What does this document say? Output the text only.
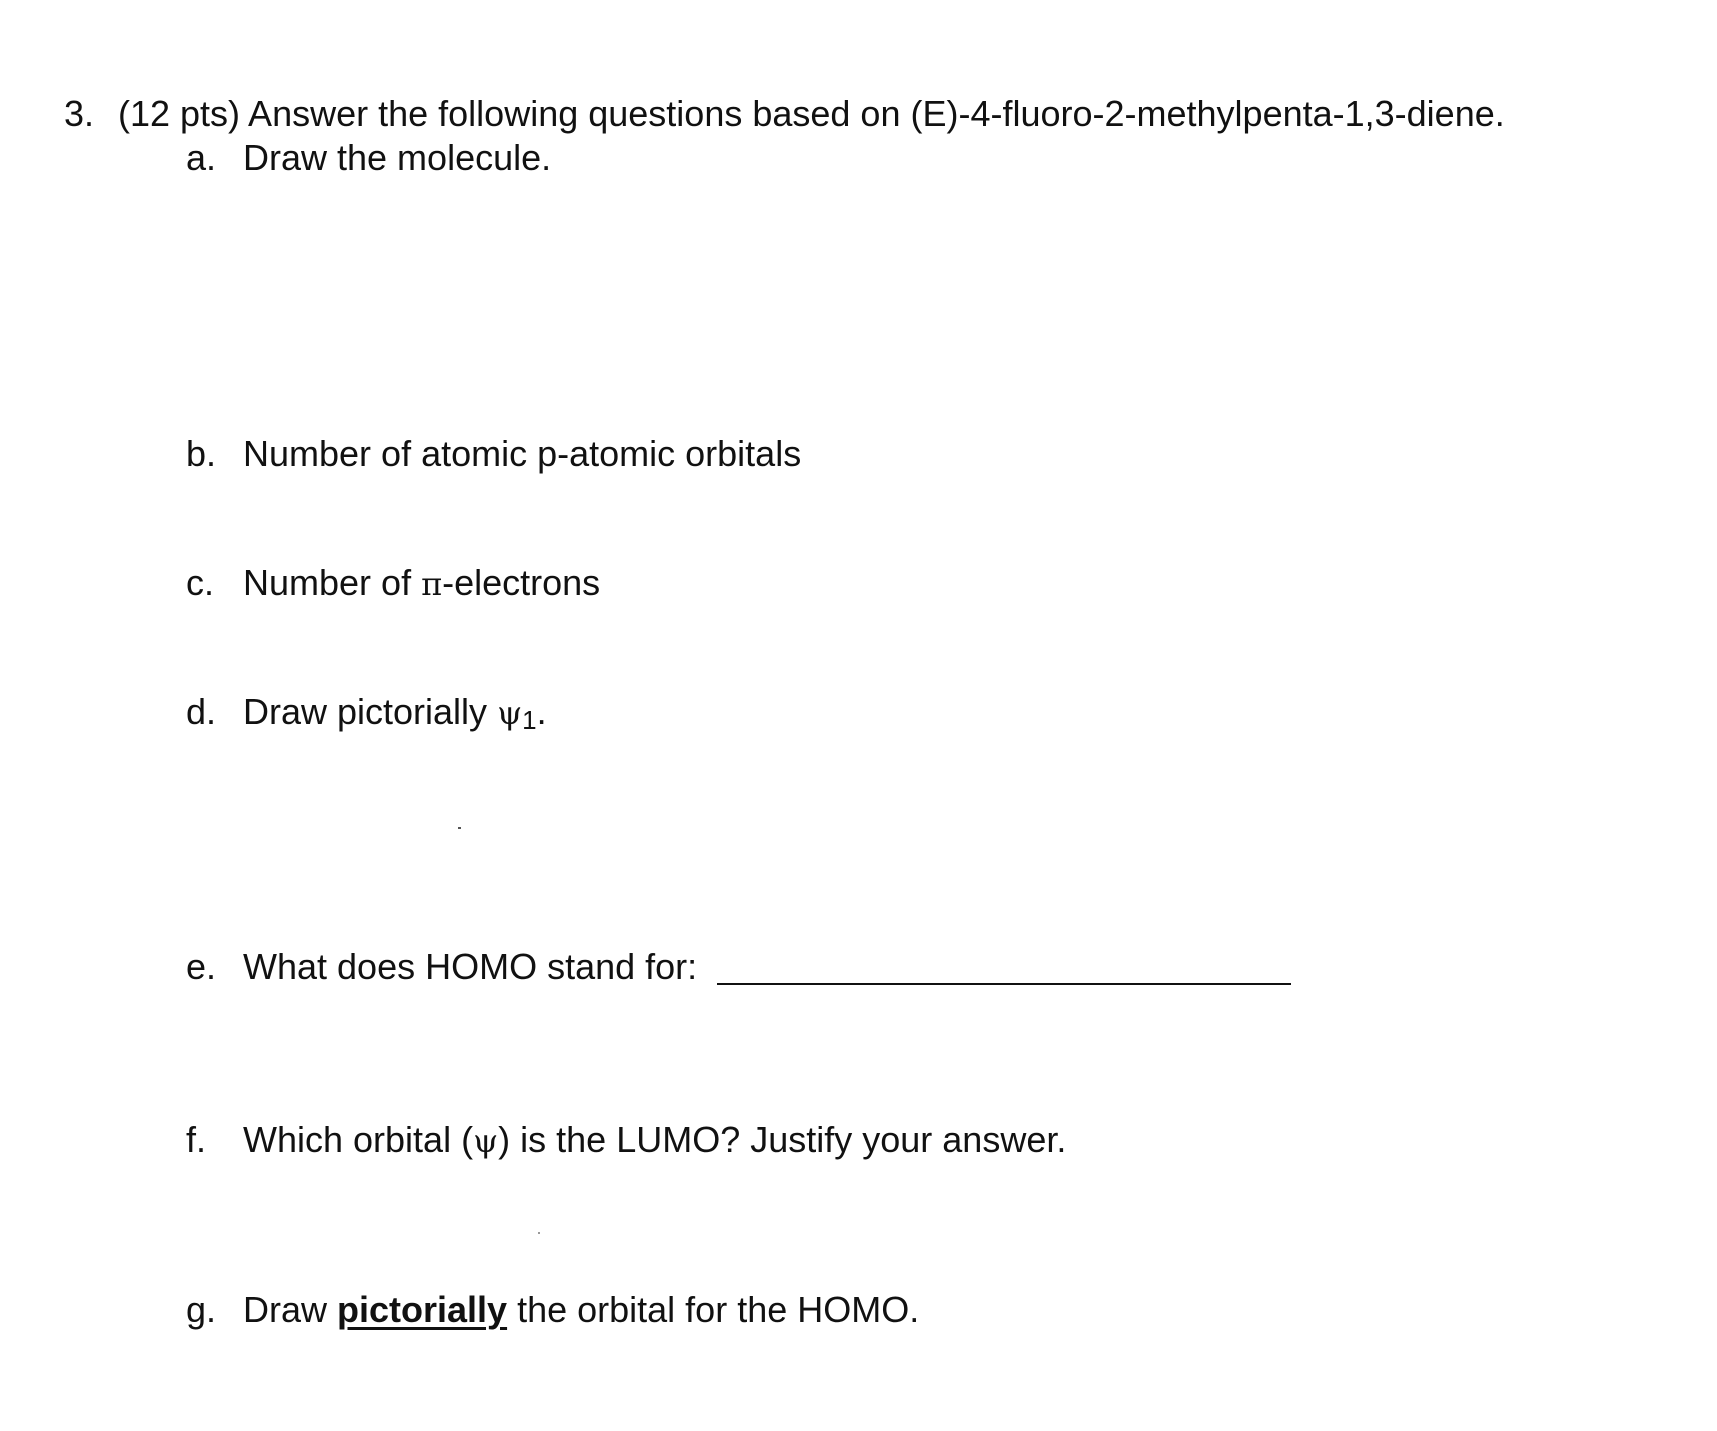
3. (12 pts) Answer the following questions based on (E)-4-fluoro-2-methylpenta-1,3-diene.
a. Draw the molecule.
b. Number of atomic p-atomic orbitals
c. Number of π-electrons
d. Draw pictorially ψ1.
e. What does HOMO stand for:
f. Which orbital (ψ) is the LUMO? Justify your answer.
g. Draw pictorially the orbital for the HOMO.
